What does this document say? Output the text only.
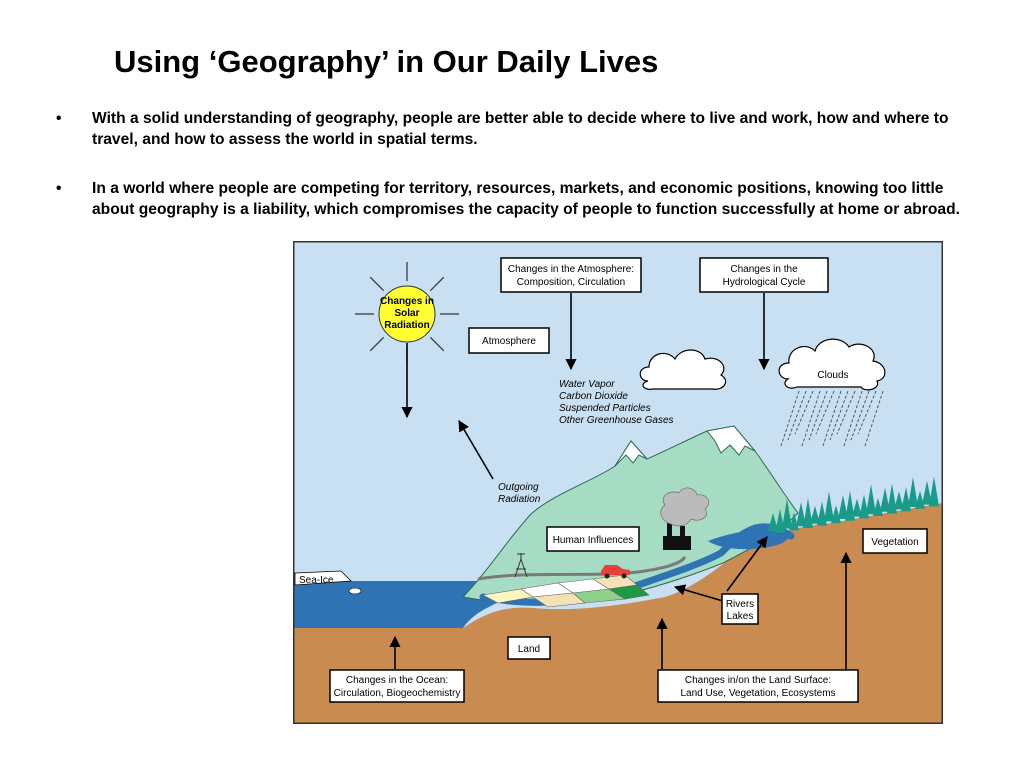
Using ‘Geography’ in Our Daily Lives
• With a solid understanding of geography, people are better able to decide where to live and work, how and where to travel, and how to assess the world in spatial terms.
• In a world where people are competing for territory, resources, markets, and economic positions, knowing too little about geography is a liability, which compromises the capacity of people to function successfully at home or abroad.
Changes in
Solar
Radiation
Changes in the Atmosphere:
Composition, Circulation
Changes in the
Hydrological Cycle
Atmosphere
Clouds
Water Vapor
Carbon Dioxide
Suspended Particles
Other Greenhouse Gases
Outgoing
Radiation
Human Influences	Vegetation
Sea-Ice
Rivers
Lakes
Land
Changes in the Ocean:
Circulation, Biogeochemistry
Changes in/on the Land Surface:
Land Use, Vegetation, Ecosystems
